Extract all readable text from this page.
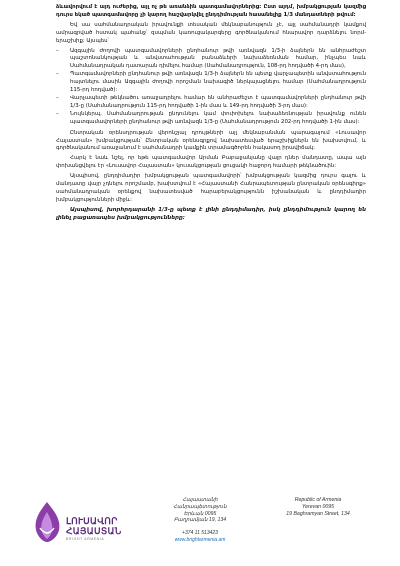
ձևավորվում է այդ ուժերից, այլ ոչ թե առանձին պատգամավորներից: Ըստ այդմ, խմբակցության կազմից դուրս եկած պատգամավորը չի կարող հաշվարկվել ընդդիմության հասանելիք 1/3 մանդատների թվում:

Եվ սա սահմանադրական իրավունքի տեսական մեկնաբանություն չէ, այլ սահմանադրի կամքով ամրագրված հստակ պահանջ՝ զսպման կառուցակարգերը գործնականում հնարավոր դարձնելու նորմ-երաշխիք: Այսպես՝

– Ազգային ժողովի պատգամավորների ընդհանուր թվի առնվազն 1/3-ի ձայներն են անհրաժեշտ պաշտոնանկության և անվստահության բանաձևերի նախաձեռնման համար, ինչպես նաև Սահմանադրական դատարան դիմելու համար (Սահմանադրություն, 108-րդ հոդվածի 4-րդ մաս),
– Պատգամավորների ընդհանուր թվի առնվազն 1/3-ի ձայներն են պետք վարչապետին անվստահություն հայտնելու մասին Ազգային ժողովի որոշման նախագիծ ներկայացնելու համար (Սահմանադրություն 115-րդ հոդված):
– Վարչապետի թեկնածու առաջադրելու համար են անհրաժեշտ է պատգամավորների ընդհանուր թվի 1/3-ը (Սահմանադրություն 115-րդ հոդվածի 1-ին մաս և 149-րդ հոդվածի 3-րդ մաս):
– Նույնկերպ, Սահմանադրության ընդունելու կամ փոփոխելու նախաձեռնության իրավունք ունեն պատգամավորների ընդհանուր թվի առնվազն 1/3-ը (Սահմանադրություն 202-րդ հոդվածի 1-ին մաս):

Ընտրական օրենսդրության վերոնշյալ դրույթների այլ մեկնաբանման պարագայում «Լուսավոր Հայաստան» խմբակցության՝ Ընտրական օրենսգրքով նախատեսված երաշխիքներն են խախտվում, և գործնականում առաջանում է սահմանադրի կամքին տրամագծորեն հակասող իրավիճակ:

Հարկ է նաև նշել, որ եթե պատգամավոր Արման Բաբաջանյանը վայր դներ մանդատը, ապա այն փոխանցվելու էր «Լուսավոր Հայաստան» կուսակցության ցուցակի հաջորդ համարի թեկնածուին:

Այսպիսով, ընդդիմադիր խմբակցության պատգամավորի՝ խմբակցության կազմից դուրս գալու և մանդատը վայր չդնելու որոշմամբ, խախտվում է «Հայաստանի Հանրապետության ընտրական օրենսգիրք» սահմանադրական օրենքով նախատեսված հարաբերակցությունն իշխանական և ընդդիմադիր խմբակցությունների միջև:

Այսպիսով, խորհրդարանի 1/3-ը պետք է լինի ընդդիմադիր, իսկ ընդդիմություն կարող են լինել բացառապես խմբակցությունները:

ԼՈՒՍԱՎՈՐ
ՀԱՅԱՍՏԱՆ
BRIGHT ARMENIA
Հայաստանի Հանրապետություն
Երևան 0095
Բաղրամյան 19, 134
Republic of Armenia
Yerevan 0095
19 Baghramyan Street, 134
+374 11 513423
www.brightarmenia.am
